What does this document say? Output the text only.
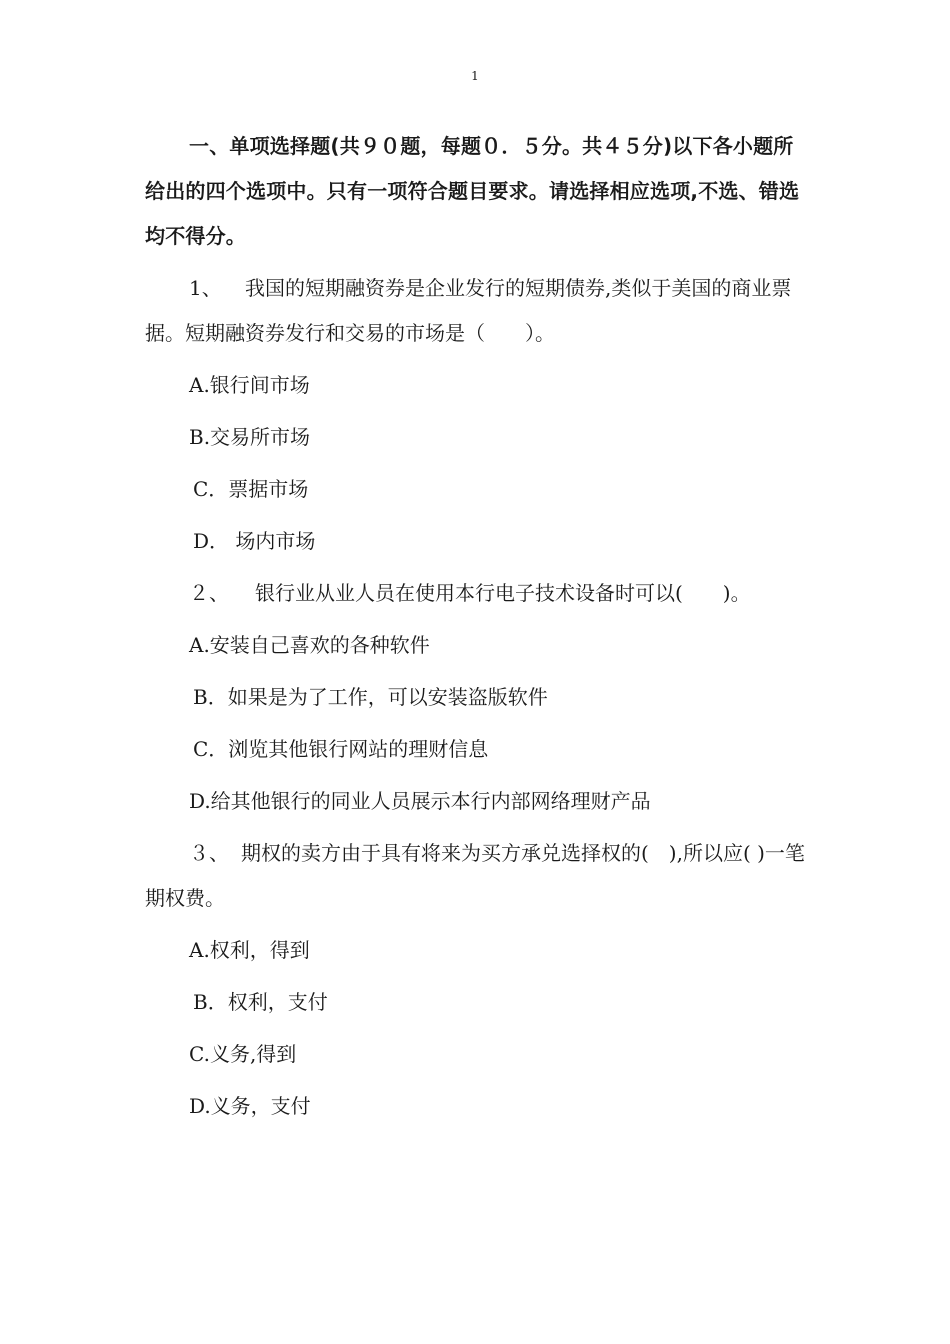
1

一、单项选择题(共９０题，每题０．５分。共４５分)以下各小题所给出的四个选项中。只有一项符合题目要求。请选择相应选项,不选、错选均不得分。

1、 我国的短期融资券是企业发行的短期债券,类似于美国的商业票据。短期融资券发行和交易的市场是（　　）。

A.银行间市场
B.交易所市场
C．票据市场
D． 场内市场

２、 银行业从业人员在使用本行电子技术设备时可以(　　)。

A.安装自己喜欢的各种软件
B．如果是为了工作，可以安装盗版软件
C．浏览其他银行网站的理财信息
D.给其他银行的同业人员展示本行内部网络理财产品

３、 期权的卖方由于具有将来为买方承兑选择权的(　),所以应( )一笔期权费。

A.权利，得到
B．权利，支付
C.义务,得到
D.义务，支付
